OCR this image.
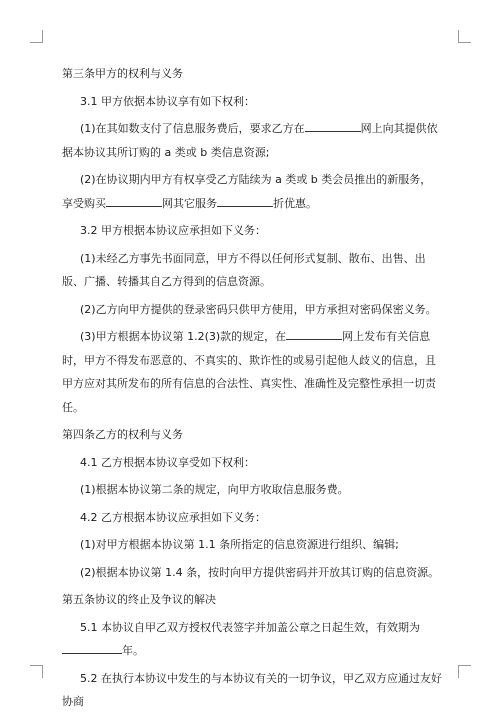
第三条甲方的权利与义务

3.1 甲方依据本协议享有如下权利：

(1)在其如数支付了信息服务费后，要求乙方在	网上向其提供依据本协议其所订购的 a 类或 b 类信息资源;

(2)在协议期内甲方有权享受乙方陆续为 a 类或 b 类会员推出的新服务，享受购买	网其它服务	折优惠。

3.2 甲方根据本协议应承担如下义务：

(1)未经乙方事先书面同意，甲方不得以任何形式复制、散布、出售、出版、广播、转播其自乙方得到的信息资源。

(2)乙方向甲方提供的登录密码只供甲方使用，甲方承担对密码保密义务。

(3)甲方根据本协议第 1.2(3)款的规定，在	网上发布有关信息时，甲方不得发布恶意的、不真实的、欺诈性的或易引起他人歧义的信息，且甲方应对其所发布的所有信息的合法性、真实性、准确性及完整性承担一切责任。

第四条乙方的权利与义务

4.1 乙方根据本协议享受如下权利：

(1)根据本协议第二条的规定，向甲方收取信息服务费。

4.2 乙方根据本协议应承担如下义务：

(1)对甲方根据本协议第 1.1 条所指定的信息资源进行组织、编辑;

(2)根据本协议第 1.4 条，按时向甲方提供密码并开放其订购的信息资源。

第五条协议的终止及争议的解决

5.1 本协议自甲乙双方授权代表签字并加盖公章之日起生效，有效期为年。

5.2 在执行本协议中发生的与本协议有关的一切争议，甲乙双方应通过友好协商
